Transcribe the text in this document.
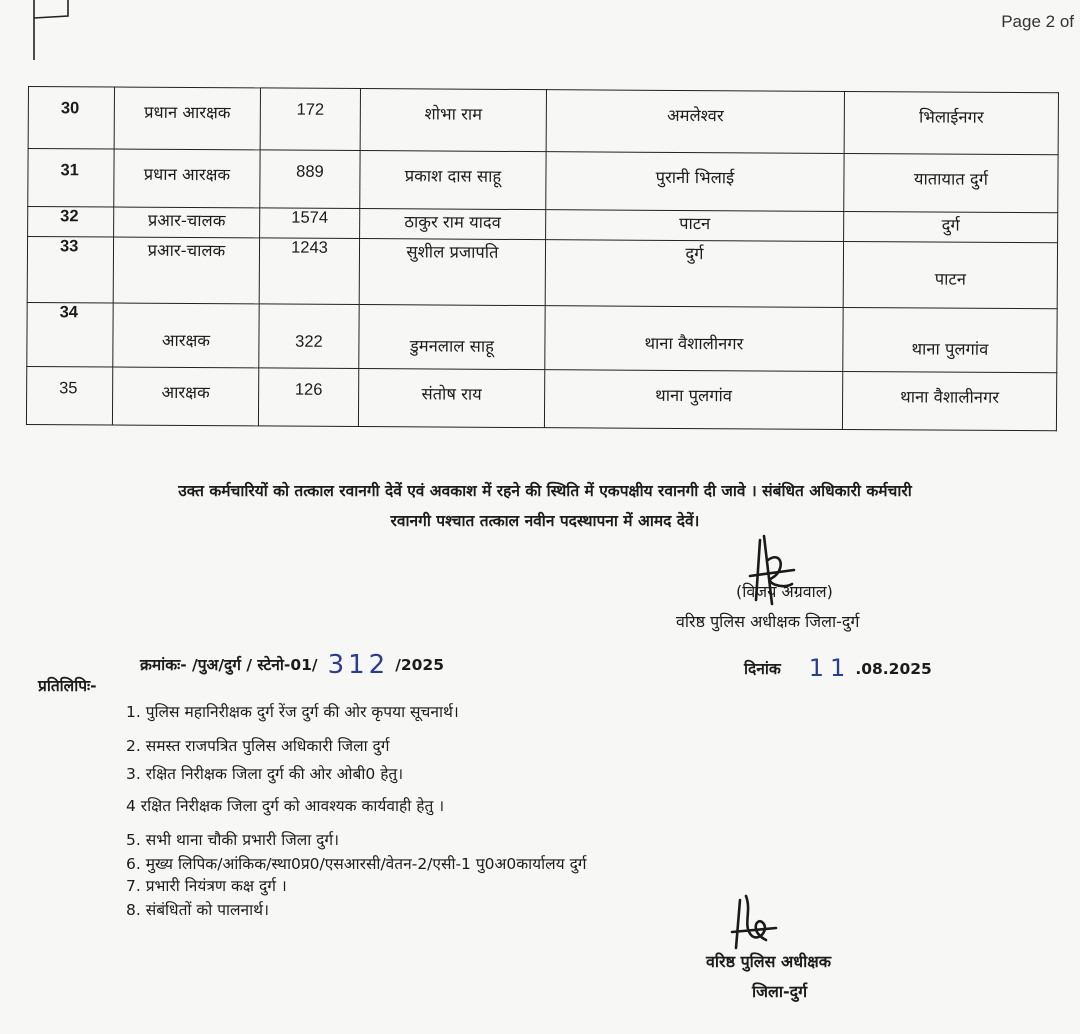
Page 2 of
30	प्रधान आरक्षक	172	शोभा राम	अमलेश्वर	भिलाईनगर

31	प्रधान आरक्षक	889	प्रकाश दास साहू	पुरानी भिलाई	यातायात दुर्ग

32	प्रआर-चालक	1574	ठाकुर राम यादव	पाटन	दुर्ग
33	प्रआर-चालक	1243	सुशील प्रजापति	दुर्ग	पाटन

34	आरक्षक	322	डुमनलाल साहू	थाना वैशालीनगर	थाना पुलगांव

35	आरक्षक	126	संतोष राय	थाना पुलगांव	थाना वैशालीनगर
उक्त कर्मचारियों को तत्काल रवानगी देवें एवं अवकाश में रहने की स्थिति में एकपक्षीय रवानगी दी जावे । संबंधित अधिकारी कर्मचारी
रवानगी पश्चात तत्काल नवीन पदस्थापना में आमद देवें।
(विजय अग्रवाल)
वरिष्ठ पुलिस अधीक्षक जिला-दुर्ग
क्रमांकः- /पुअ/दुर्ग / स्टेनो-01/ 312 /2025	दिनांक 11 .08.2025
प्रतिलिपिः-
1. पुलिस महानिरीक्षक दुर्ग रेंज दुर्ग की ओर कृपया सूचनार्थ।
2. समस्त राजपत्रित पुलिस अधिकारी जिला दुर्ग
3. रक्षित निरीक्षक जिला दुर्ग की ओर ओबी0 हेतु।
4 रक्षित निरीक्षक जिला दुर्ग को आवश्यक कार्यवाही हेतु ।
5. सभी थाना चौकी प्रभारी जिला दुर्ग।
6. मुख्य लिपिक/आंकिक/स्था0प्र0/एसआरसी/वेतन-2/एसी-1 पु0अ0कार्यालय दुर्ग
7. प्रभारी नियंत्रण कक्ष दुर्ग ।
8. संबंधितों को पालनार्थ।
वरिष्ठ पुलिस अधीक्षक
जिला-दुर्ग
